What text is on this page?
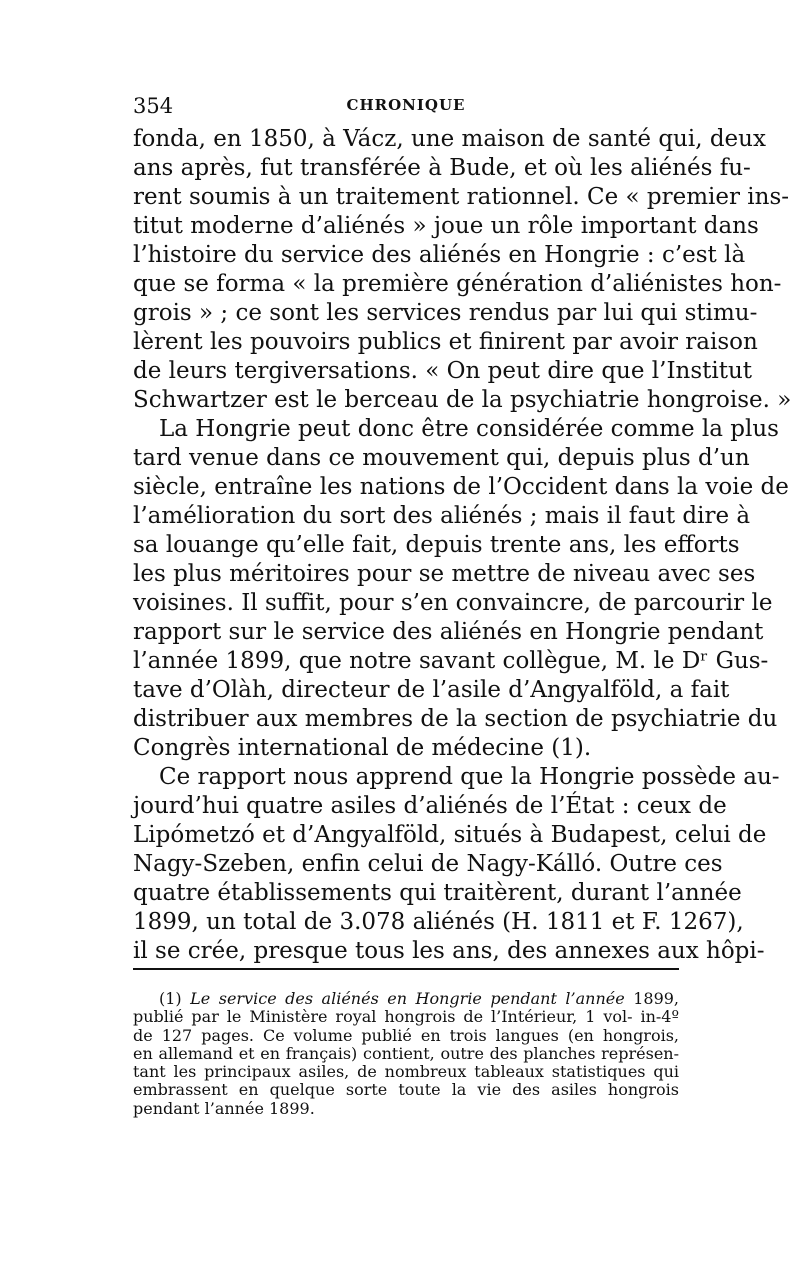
354	CHRONIQUE
fonda, en 1850, à Vácz, une maison de santé qui, deux
ans après, fut transférée à Bude, et où les aliénés fu-
rent soumis à un traitement rationnel. Ce « premier ins-
titut moderne d’aliénés » joue un rôle important dans
l’histoire du service des aliénés en Hongrie : c’est là
que se forma « la première génération d’aliénistes hon-
grois » ; ce sont les services rendus par lui qui stimu-
lèrent les pouvoirs publics et finirent par avoir raison
de leurs tergiversations. « On peut dire que l’Institut
Schwartzer est le berceau de la psychiatrie hongroise. »
La Hongrie peut donc être considérée comme la plus
tard venue dans ce mouvement qui, depuis plus d’un
siècle, entraîne les nations de l’Occident dans la voie de
l’amélioration du sort des aliénés ; mais il faut dire à
sa louange qu’elle fait, depuis trente ans, les efforts
les plus méritoires pour se mettre de niveau avec ses
voisines. Il suffit, pour s’en convaincre, de parcourir le
rapport sur le service des aliénés en Hongrie pendant
l’année 1899, que notre savant collègue, M. le Dʳ Gus-
tave d’Olàh, directeur de l’asile d’Angyalföld, a fait
distribuer aux membres de la section de psychiatrie du
Congrès international de médecine (1).
Ce rapport nous apprend que la Hongrie possède au-
jourd’hui quatre asiles d’aliénés de l’État : ceux de
Lipómetzó et d’Angyalföld, situés à Budapest, celui de
Nagy-Szeben, enfin celui de Nagy-Kálló. Outre ces
quatre établissements qui traitèrent, durant l’année
1899, un total de 3.078 aliénés (H. 1811 et F. 1267),
il se crée, presque tous les ans, des annexes aux hôpi-
(1) Le service des aliénés en Hongrie pendant l’année 1899,
publié par le Ministère royal hongrois de l’Intérieur, 1 vol- in-4º
de 127 pages. Ce volume publié en trois langues (en hongrois,
en allemand et en français) contient, outre des planches représen-
tant les principaux asiles, de nombreux tableaux statistiques qui
embrassent en quelque sorte toute la vie des asiles hongrois
pendant l’année 1899.
